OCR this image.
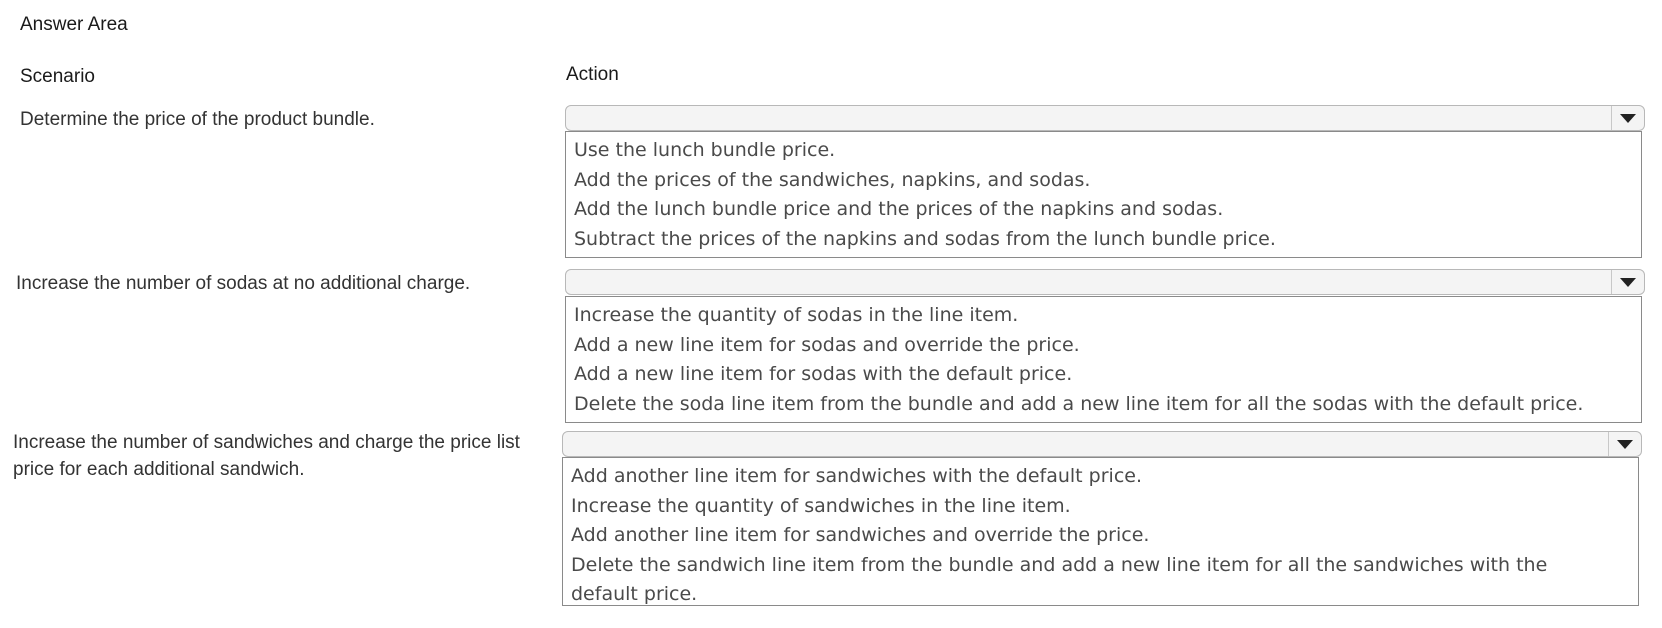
Answer Area
Scenario	Action
Determine the price of the product bundle.
Use the lunch bundle price.
Add the prices of the sandwiches, napkins, and sodas.
Add the lunch bundle price and the prices of the napkins and sodas.
Subtract the prices of the napkins and sodas from the lunch bundle price.
Increase the number of sodas at no additional charge.
Increase the quantity of sodas in the line item.
Add a new line item for sodas and override the price.
Add a new line item for sodas with the default price.
Delete the soda line item from the bundle and add a new line item for all the sodas with the default price.
Increase the number of sandwiches and charge the price list price for each additional sandwich.	Add another line item for sandwiches with the default price.
Increase the quantity of sandwiches in the line item.
Add another line item for sandwiches and override the price.
Delete the sandwich line item from the bundle and add a new line item for all the sandwiches with the default price.
